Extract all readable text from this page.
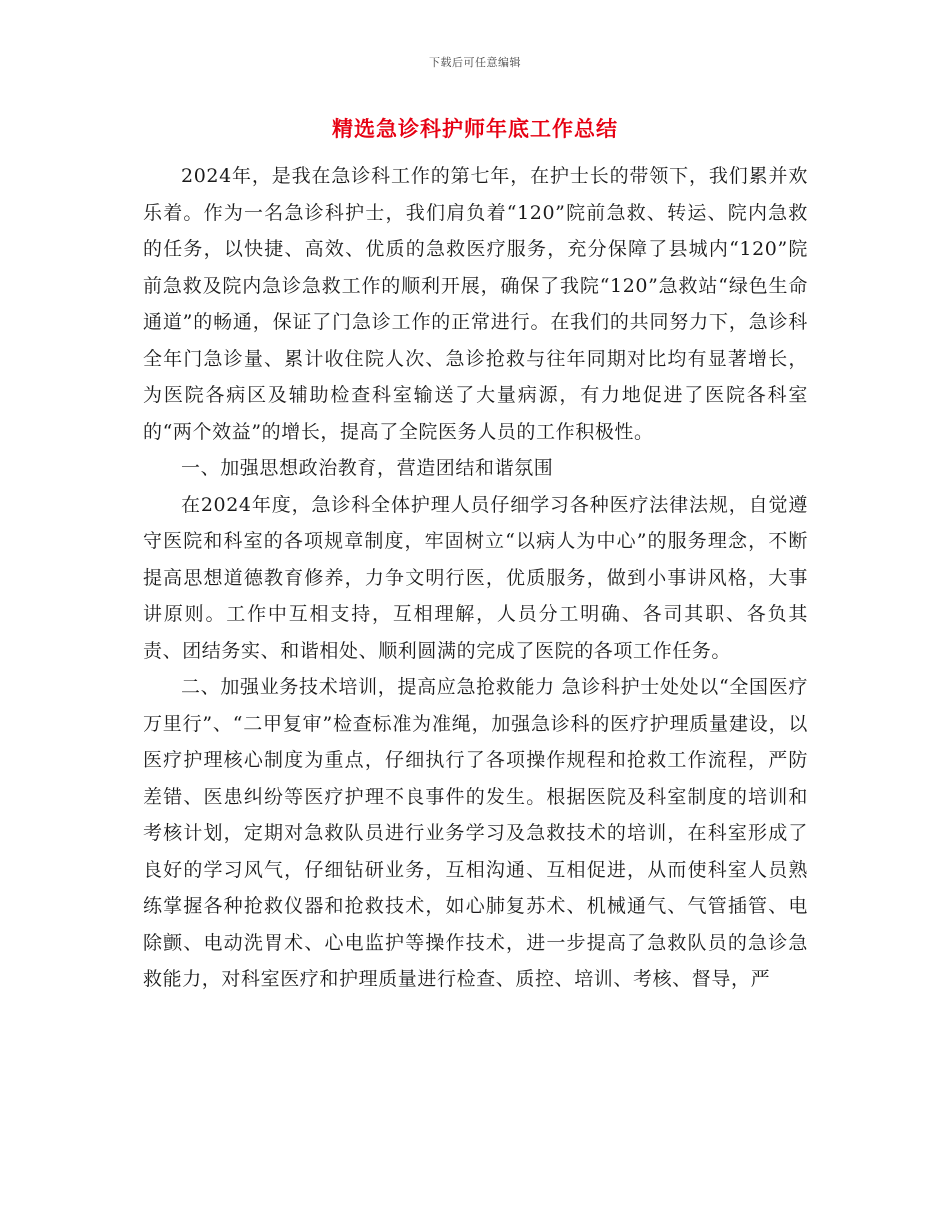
下载后可任意编辑
精选急诊科护师年底工作总结

2024年，是我在急诊科工作的第七年，在护士长的带领下，我们累并欢乐着。作为一名急诊科护士，我们肩负着“120”院前急救、转运、院内急救的任务，以快捷、高效、优质的急救医疗服务，充分保障了县城内“120”院前急救及院内急诊急救工作的顺利开展，确保了我院“120”急救站“绿色生命通道”的畅通，保证了门急诊工作的正常进行。在我们的共同努力下，急诊科全年门急诊量、累计收住院人次、急诊抢救与往年同期对比均有显著增长，为医院各病区及辅助检查科室输送了大量病源，有力地促进了医院各科室的“两个效益”的增长，提高了全院医务人员的工作积极性。

一、加强思想政治教育，营造团结和谐氛围

在2024年度，急诊科全体护理人员仔细学习各种医疗法律法规，自觉遵守医院和科室的各项规章制度，牢固树立“以病人为中心”的服务理念，不断提高思想道德教育修养，力争文明行医，优质服务，做到小事讲风格，大事讲原则。工作中互相支持，互相理解，人员分工明确、各司其职、各负其责、团结务实、和谐相处、顺利圆满的完成了医院的各项工作任务。

二、加强业务技术培训，提高应急抢救能力 急诊科护士处处以“全国医疗万里行”、“二甲复审”检查标准为准绳，加强急诊科的医疗护理质量建设，以医疗护理核心制度为重点，仔细执行了各项操作规程和抢救工作流程，严防差错、医患纠纷等医疗护理不良事件的发生。根据医院及科室制度的培训和考核计划，定期对急救队员进行业务学习及急救技术的培训，在科室形成了良好的学习风气，仔细钻研业务，互相沟通、互相促进，从而使科室人员熟练掌握各种抢救仪器和抢救技术，如心肺复苏术、机械通气、气管插管、电除颤、电动洗胃术、心电监护等操作技术，进一步提高了急救队员的急诊急救能力，对科室医疗和护理质量进行检查、质控、培训、考核、督导，严
